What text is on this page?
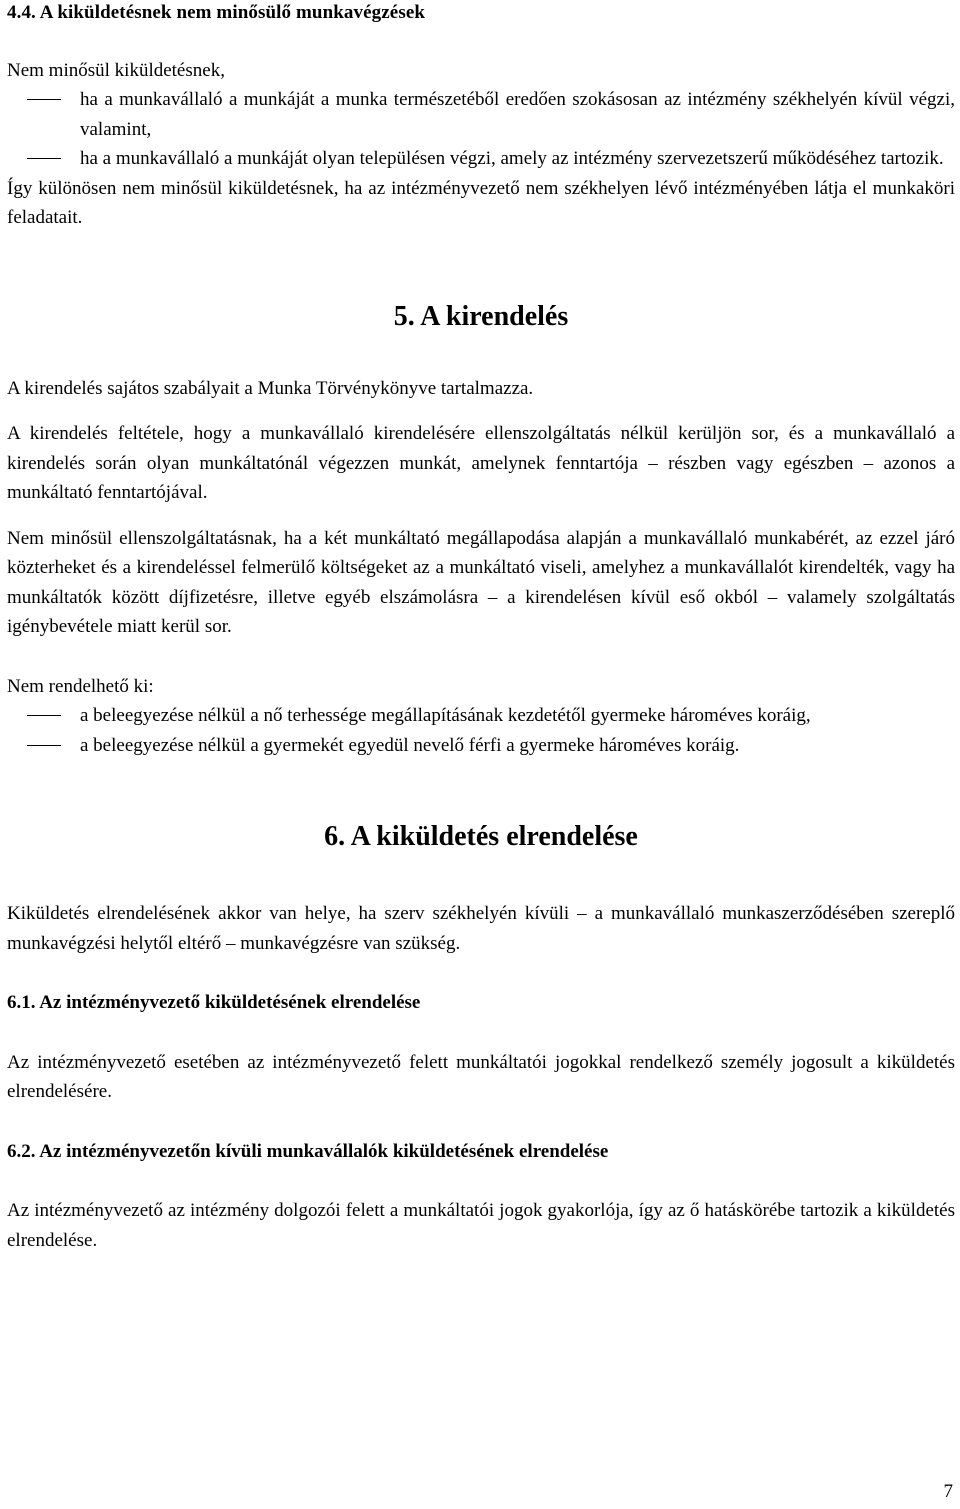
4.4. A kiküldetésnek nem minősülő munkavégzések

Nem minősül kiküldetésnek,

ha a munkavállaló a munkáját a munka természetéből eredően szokásosan az intézmény székhelyén kívül végzi, valamint,
ha a munkavállaló a munkáját olyan településen végzi, amely az intézmény szervezetszerű működéséhez tartozik.

Így különösen nem minősül kiküldetésnek, ha az intézményvezető nem székhelyen lévő intézményében látja el munkaköri feladatait.

5. A kirendelés

A kirendelés sajátos szabályait a Munka Törvénykönyve tartalmazza.

A kirendelés feltétele, hogy a munkavállaló kirendelésére ellenszolgáltatás nélkül kerüljön sor, és a munkavállaló a kirendelés során olyan munkáltatónál végezzen munkát, amelynek fenntartója – részben vagy egészben – azonos a munkáltató fenntartójával.

Nem minősül ellenszolgáltatásnak, ha a két munkáltató megállapodása alapján a munkavállaló munkabérét, az ezzel járó közterheket és a kirendeléssel felmerülő költségeket az a munkáltató viseli, amelyhez a munkavállalót kirendelték, vagy ha munkáltatók között díjfizetésre, illetve egyéb elszámolásra – a kirendelésen kívül eső okból – valamely szolgáltatás igénybevétele miatt kerül sor.

Nem rendelhető ki:

a beleegyezése nélkül a nő terhessége megállapításának kezdetétől gyermeke hároméves koráig,
a beleegyezése nélkül a gyermekét egyedül nevelő férfi a gyermeke hároméves koráig.
6. A kiküldetés elrendelése

Kiküldetés elrendelésének akkor van helye, ha szerv székhelyén kívüli – a munkavállaló munkaszerződésében szereplő munkavégzési helytől eltérő – munkavégzésre van szükség.

6.1. Az intézményvezető kiküldetésének elrendelése

Az intézményvezető esetében az intézményvezető felett munkáltatói jogokkal rendelkező személy jogosult a kiküldetés elrendelésére.

6.2. Az intézményvezetőn kívüli munkavállalók kiküldetésének elrendelése

Az intézményvezető az intézmény dolgozói felett a munkáltatói jogok gyakorlója, így az ő hatáskörébe tartozik a kiküldetés elrendelése.

7
